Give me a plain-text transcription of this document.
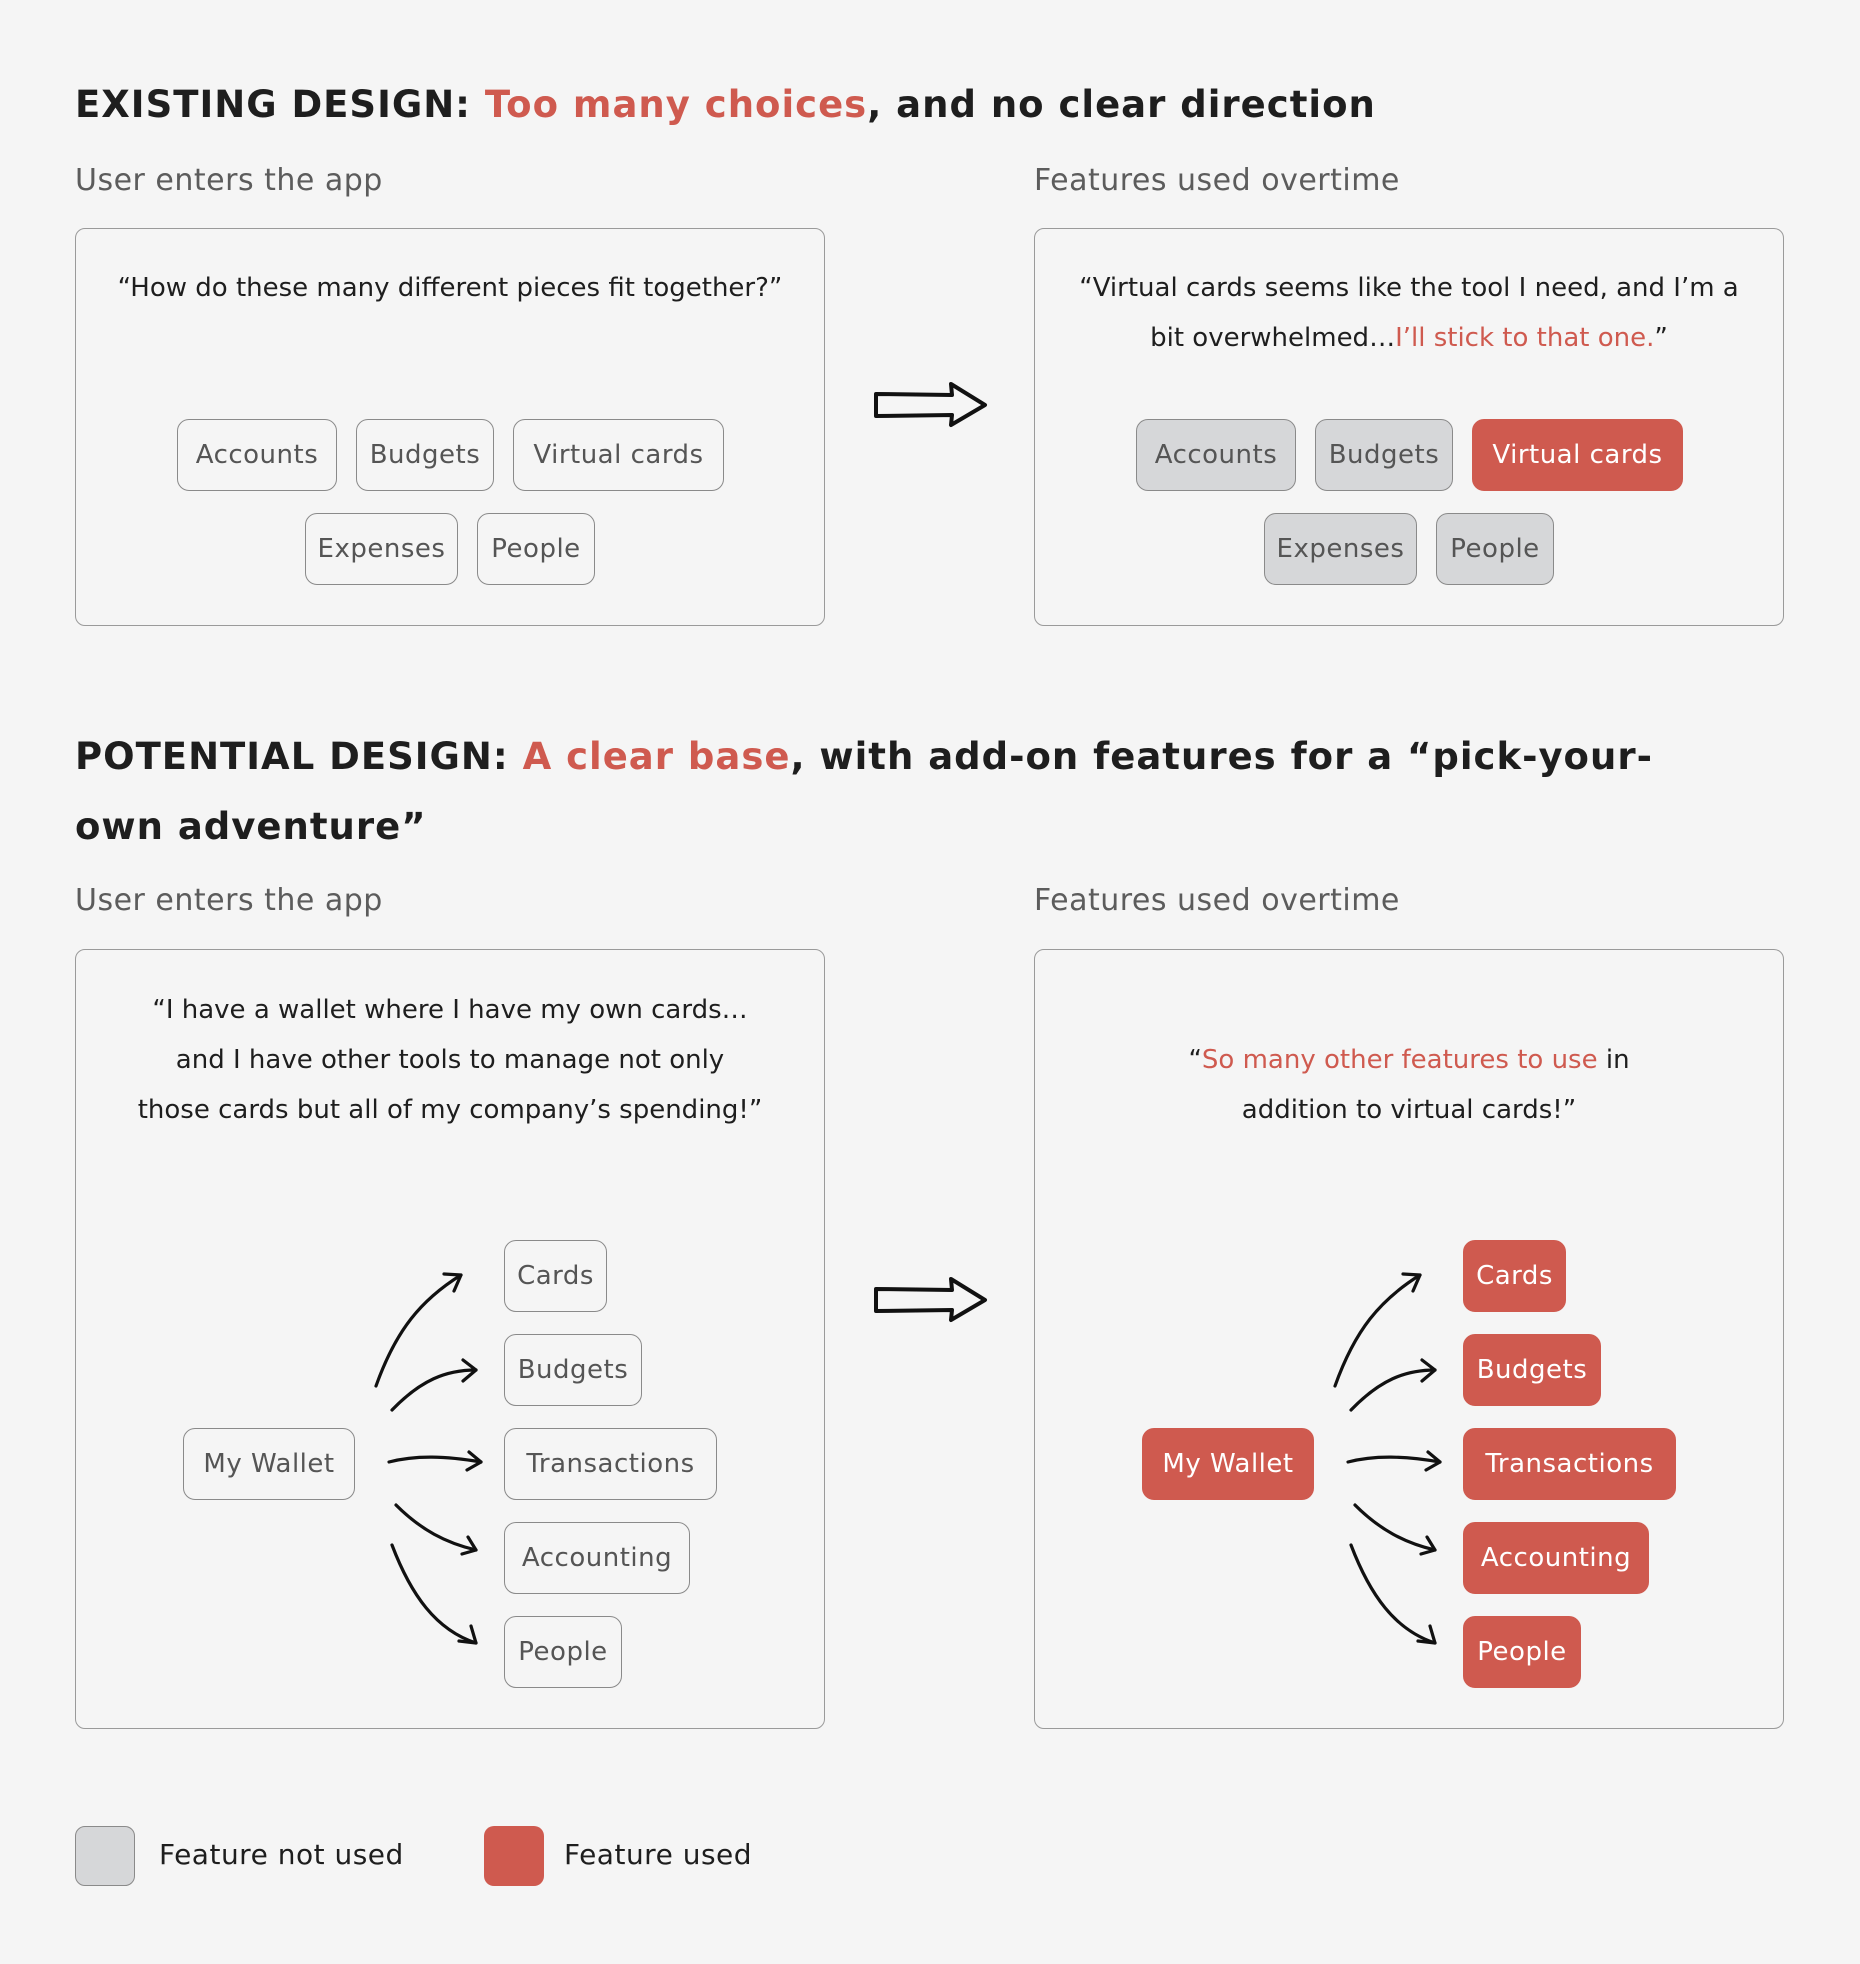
EXISTING DESIGN: Too many choices, and no clear direction
User enters the app	Features used overtime

“How do these many different pieces fit together?”

Accounts	Budgets	Virtual cards
Expenses	People

“Virtual cards seems like the tool I need, and I’m a bit overwhelmed…I’ll stick to that one.”

Accounts	Budgets	Virtual cards
Expenses	People
POTENTIAL DESIGN: A clear base, with add-on features for a “pick-your-own adventure”
User enters the app	Features used overtime

“I have a wallet where I have my own cards…and I have other tools to manage not only those cards but all of my company’s spending!”

My Wallet
Cards
Budgets
Transactions
Accounting
People

“So many other features to use in addition to virtual cards!”

My Wallet
Cards
Budgets
Transactions
Accounting
People
Feature not used	Feature used
